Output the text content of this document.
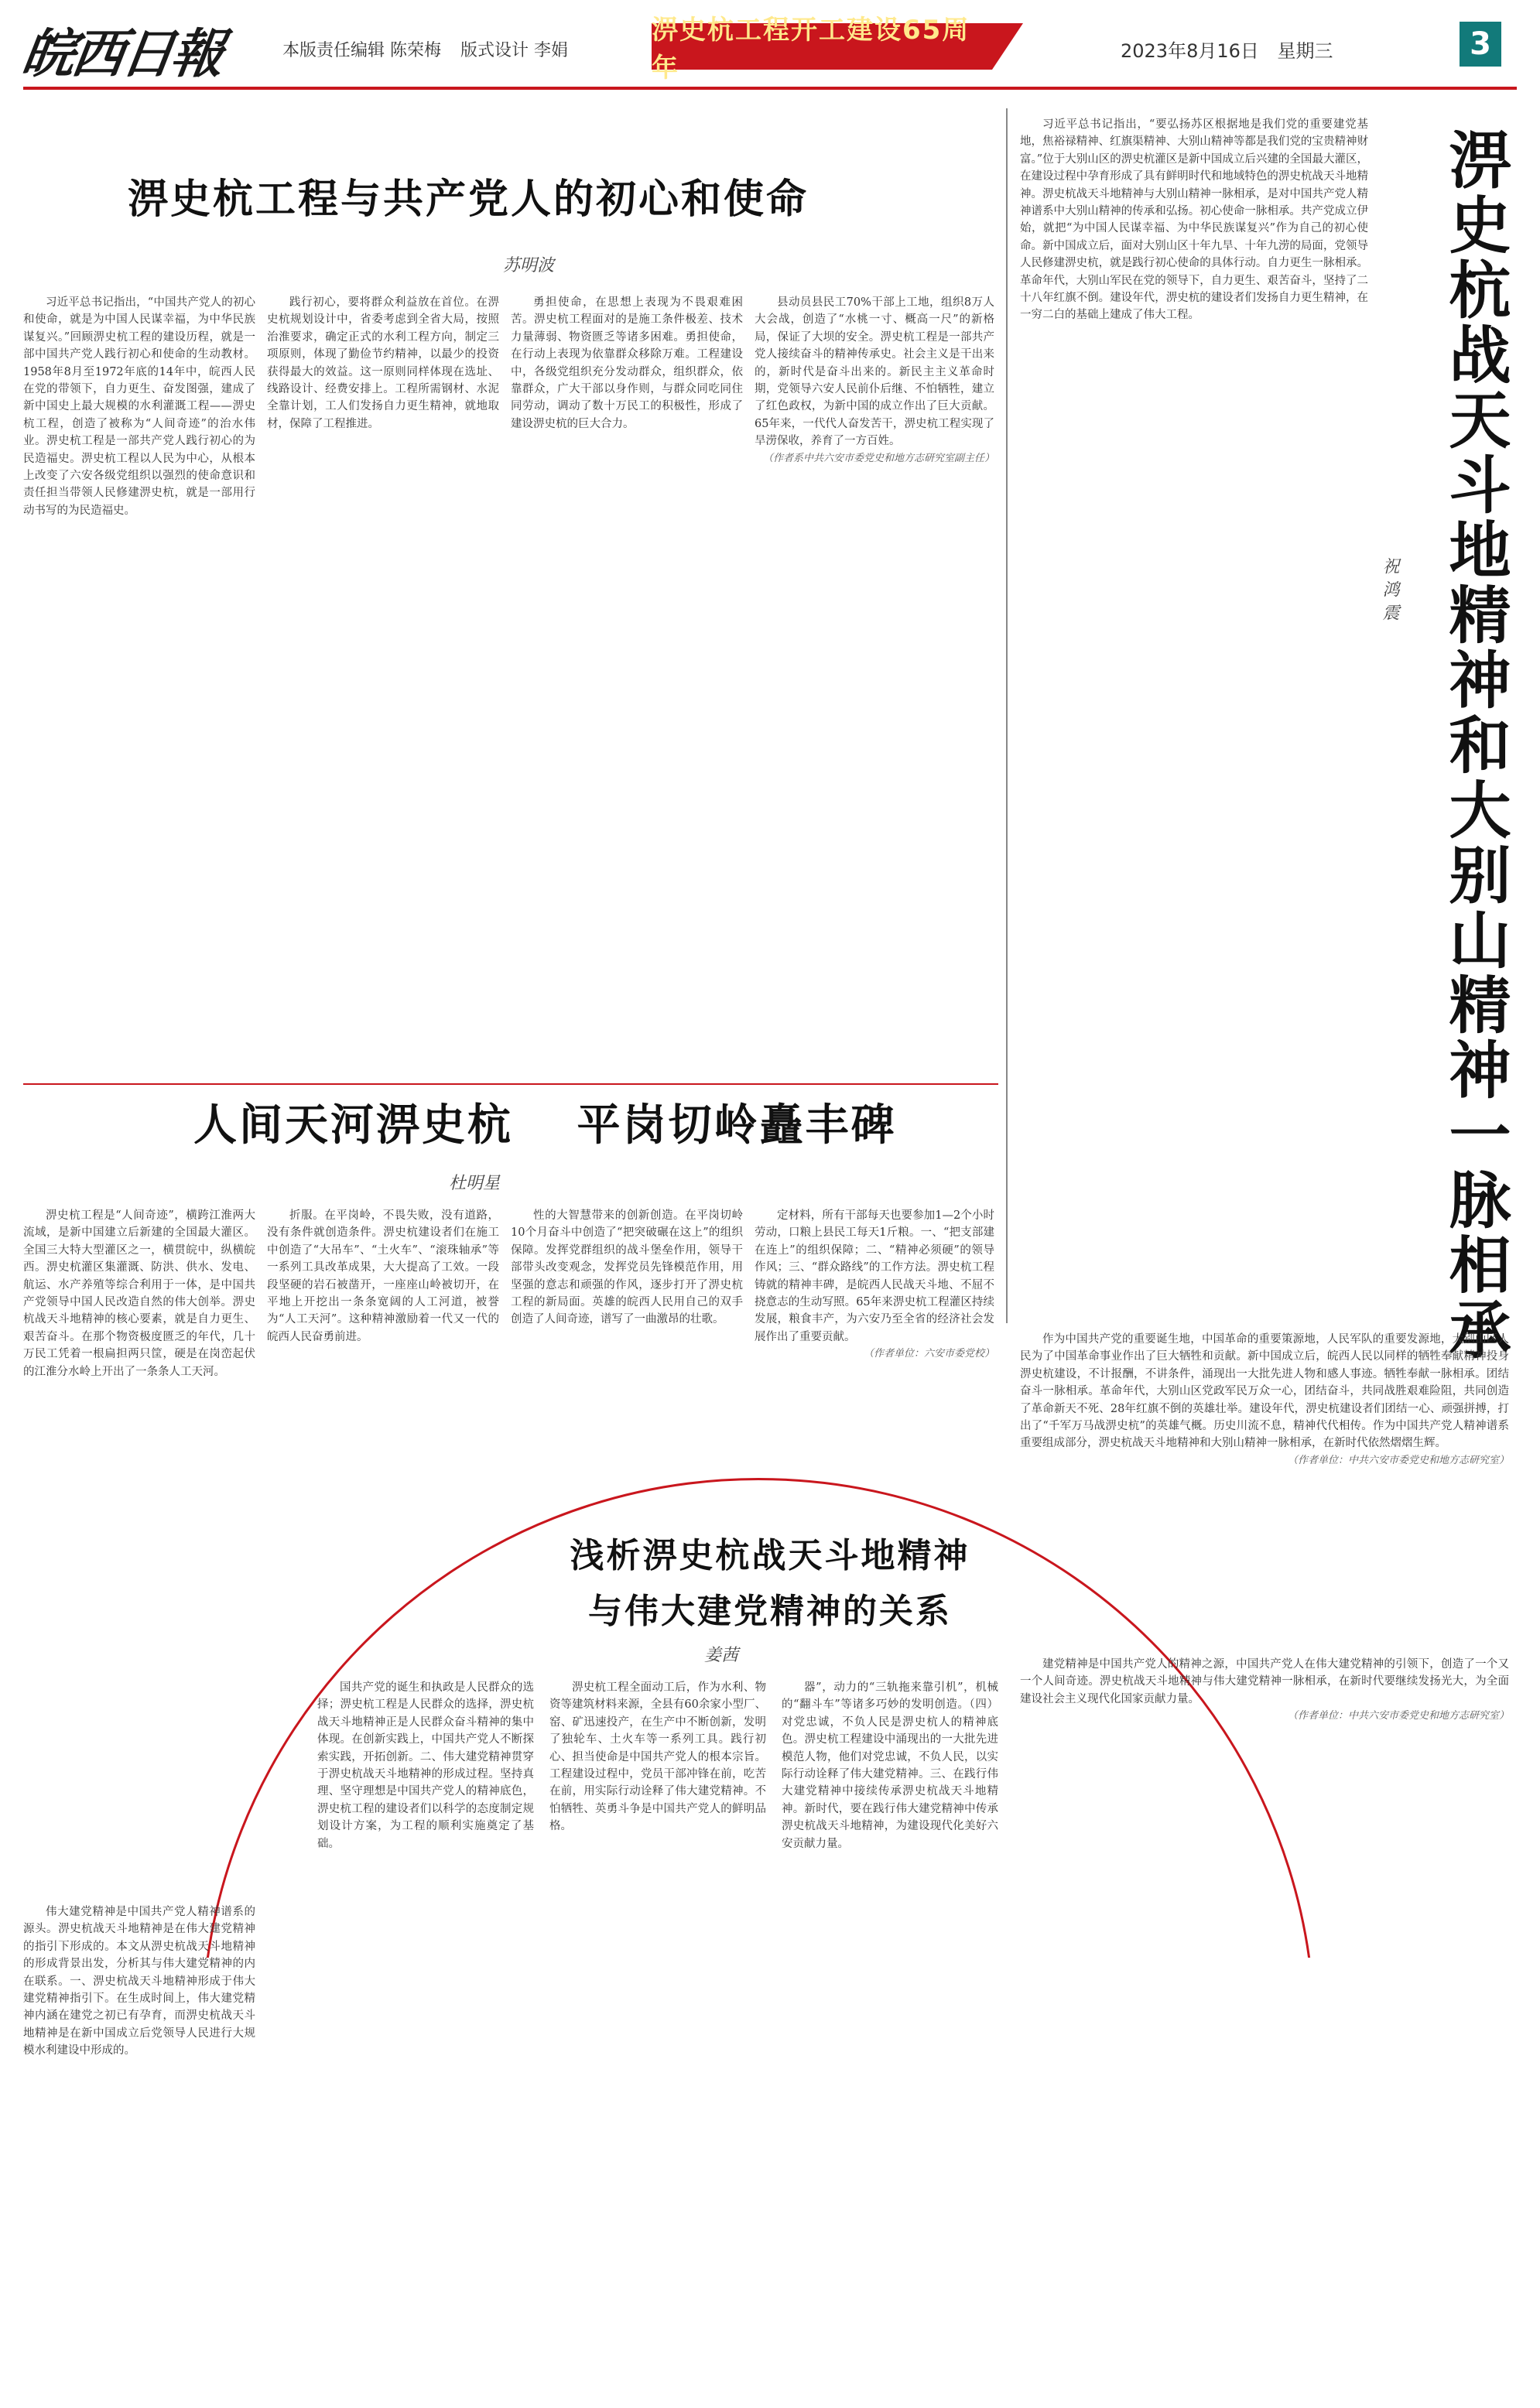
皖西日報	本版责任编辑 陈荣梅 版式设计 李娟
淠史杭工程开工建设65周年
2023年8月16日 星期三	3
淠史杭工程与共产党人的初心和使命
苏明波

习近平总书记指出，“中国共产党人的初心和使命，就是为中国人民谋幸福，为中华民族谋复兴。”回顾淠史杭工程的建设历程，就是一部中国共产党人践行初心和使命的生动教材。1958年8月至1972年底的14年中，皖西人民在党的带领下，自力更生、奋发图强，建成了新中国史上最大规模的水利灌溉工程——淠史杭工程，创造了被称为“人间奇迹”的治水伟业。淠史杭工程是一部共产党人践行初心的为民造福史。淠史杭工程以人民为中心，从根本上改变了六安各级党组织以强烈的使命意识和责任担当带领人民修建淠史杭，就是一部用行动书写的为民造福史。

践行初心，要将群众利益放在首位。在淠史杭规划设计中，省委考虑到全省大局，按照治淮要求，确定正式的水利工程方向，制定三项原则，体现了勤俭节约精神，以最少的投资获得最大的效益。这一原则同样体现在选址、线路设计、经费安排上。工程所需钢材、水泥全靠计划，工人们发扬自力更生精神，就地取材，保障了工程推进。

勇担使命，在思想上表现为不畏艰难困苦。淠史杭工程面对的是施工条件极差、技术力量薄弱、物资匮乏等诸多困难。勇担使命，在行动上表现为依靠群众移除万难。工程建设中，各级党组织充分发动群众，组织群众，依靠群众，广大干部以身作则，与群众同吃同住同劳动，调动了数十万民工的积极性，形成了建设淠史杭的巨大合力。

县动员县民工70%干部上工地，组织8万人大会战，创造了“水桃一寸、概高一尺”的新格局，保证了大坝的安全。淠史杭工程是一部共产党人接续奋斗的精神传承史。社会主义是干出来的，新时代是奋斗出来的。新民主主义革命时期，党领导六安人民前仆后继、不怕牺牲，建立了红色政权，为新中国的成立作出了巨大贡献。65年来，一代代人奋发苦干，淠史杭工程实现了旱涝保收，养育了一方百姓。

（作者系中共六安市委党史和地方志研究室副主任）

习近平总书记指出，“要弘扬苏区根据地是我们党的重要建党基地，焦裕禄精神、红旗渠精神、大别山精神等都是我们党的宝贵精神财富。”位于大别山区的淠史杭灌区是新中国成立后兴建的全国最大灌区，在建设过程中孕育形成了具有鲜明时代和地域特色的淠史杭战天斗地精神。淠史杭战天斗地精神与大别山精神一脉相承，是对中国共产党人精神谱系中大别山精神的传承和弘扬。初心使命一脉相承。共产党成立伊始，就把“为中国人民谋幸福、为中华民族谋复兴”作为自己的初心使命。新中国成立后，面对大别山区十年九旱、十年九涝的局面，党领导人民修建淠史杭，就是践行初心使命的具体行动。自力更生一脉相承。革命年代，大别山军民在党的领导下，自力更生、艰苦奋斗，坚持了二十八年红旗不倒。建设年代，淠史杭的建设者们发扬自力更生精神，在一穷二白的基础上建成了伟大工程。	淠史杭战天斗地精神和大别山精神一脉相承
祝鸿震

作为中国共产党的重要诞生地，中国革命的重要策源地，人民军队的重要发源地，大别山区人民为了中国革命事业作出了巨大牺牲和贡献。新中国成立后，皖西人民以同样的牺牲奉献精神投身淠史杭建设，不计报酬，不讲条件，涌现出一大批先进人物和感人事迹。牺牲奉献一脉相承。团结奋斗一脉相承。革命年代，大别山区党政军民万众一心，团结奋斗，共同战胜艰难险阻，共同创造了革命新天不死、28年红旗不倒的英雄壮举。建设年代，淠史杭建设者们团结一心、顽强拼搏，打出了“千军万马战淠史杭”的英雄气概。历史川流不息，精神代代相传。作为中国共产党人精神谱系重要组成部分，淠史杭战天斗地精神和大别山精神一脉相承，在新时代依然熠熠生辉。

（作者单位：中共六安市委党史和地方志研究室）

人间天河淠史杭 平岗切岭矗丰碑
杜明星

淠史杭工程是“人间奇迹”，横跨江淮两大流域，是新中国建立后新建的全国最大灌区。全国三大特大型灌区之一，横贯皖中，纵横皖西。淠史杭灌区集灌溉、防洪、供水、发电、航运、水产养殖等综合利用于一体，是中国共产党领导中国人民改造自然的伟大创举。淠史杭战天斗地精神的核心要素，就是自力更生、艰苦奋斗。在那个物资极度匮乏的年代，几十万民工凭着一根扁担两只筐，硬是在岗峦起伏的江淮分水岭上开出了一条条人工天河。

折服。在平岗岭，不畏失败，没有道路，没有条件就创造条件。淠史杭建设者们在施工中创造了“大吊车”、“土火车”、“滚珠轴承”等一系列工具改革成果，大大提高了工效。一段段坚硬的岩石被凿开，一座座山岭被切开，在平地上开挖出一条条宽阔的人工河道，被誉为“人工天河”。这种精神激励着一代又一代的皖西人民奋勇前进。

性的大智慧带来的创新创造。在平岗切岭10个月奋斗中创造了“把突破碾在这上”的组织保障。发挥党群组织的战斗堡垒作用，领导干部带头改变观念，发挥党员先锋模范作用，用坚强的意志和顽强的作风，逐步打开了淠史杭工程的新局面。英雄的皖西人民用自己的双手创造了人间奇迹，谱写了一曲激昂的壮歌。

定材料，所有干部每天也要参加1—2个小时劳动，口粮上县民工每天1斤粮。一、“把支部建在连上”的组织保障；二、“精神必须硬”的领导作风；三、“群众路线”的工作方法。淠史杭工程铸就的精神丰碑，是皖西人民战天斗地、不屈不挠意志的生动写照。65年来淠史杭工程灌区持续发展，粮食丰产，为六安乃至全省的经济社会发展作出了重要贡献。

（作者单位：六安市委党校）

浅析淠史杭战天斗地精神
与伟大建党精神的关系
姜茜

伟大建党精神是中国共产党人精神谱系的源头。淠史杭战天斗地精神是在伟大建党精神的指引下形成的。本文从淠史杭战天斗地精神的形成背景出发，分析其与伟大建党精神的内在联系。一、淠史杭战天斗地精神形成于伟大建党精神指引下。在生成时间上，伟大建党精神内涵在建党之初已有孕育，而淠史杭战天斗地精神是在新中国成立后党领导人民进行大规模水利建设中形成的。

国共产党的诞生和执政是人民群众的选择；淠史杭工程是人民群众的选择，淠史杭战天斗地精神正是人民群众奋斗精神的集中体现。在创新实践上，中国共产党人不断探索实践，开拓创新。二、伟大建党精神贯穿于淠史杭战天斗地精神的形成过程。坚持真理、坚守理想是中国共产党人的精神底色，淠史杭工程的建设者们以科学的态度制定规划设计方案，为工程的顺利实施奠定了基础。

淠史杭工程全面动工后，作为水利、物资等建筑材料来源，全县有60余家小型厂、窑、矿迅速投产，在生产中不断创新，发明了独轮车、土火车等一系列工具。践行初心、担当使命是中国共产党人的根本宗旨。工程建设过程中，党员干部冲锋在前，吃苦在前，用实际行动诠释了伟大建党精神。不怕牺牲、英勇斗争是中国共产党人的鲜明品格。

器”，动力的“三轨拖来靠引机”，机械的“翻斗车”等诸多巧妙的发明创造。（四）对党忠诚，不负人民是淠史杭人的精神底色。淠史杭工程建设中涌现出的一大批先进模范人物，他们对党忠诚，不负人民，以实际行动诠释了伟大建党精神。三、在践行伟大建党精神中接续传承淠史杭战天斗地精神。新时代，要在践行伟大建党精神中传承淠史杭战天斗地精神，为建设现代化美好六安贡献力量。

建党精神是中国共产党人的精神之源，中国共产党人在伟大建党精神的引领下，创造了一个又一个人间奇迹。淠史杭战天斗地精神与伟大建党精神一脉相承，在新时代要继续发扬光大，为全面建设社会主义现代化国家贡献力量。

（作者单位：中共六安市委党史和地方志研究室）
